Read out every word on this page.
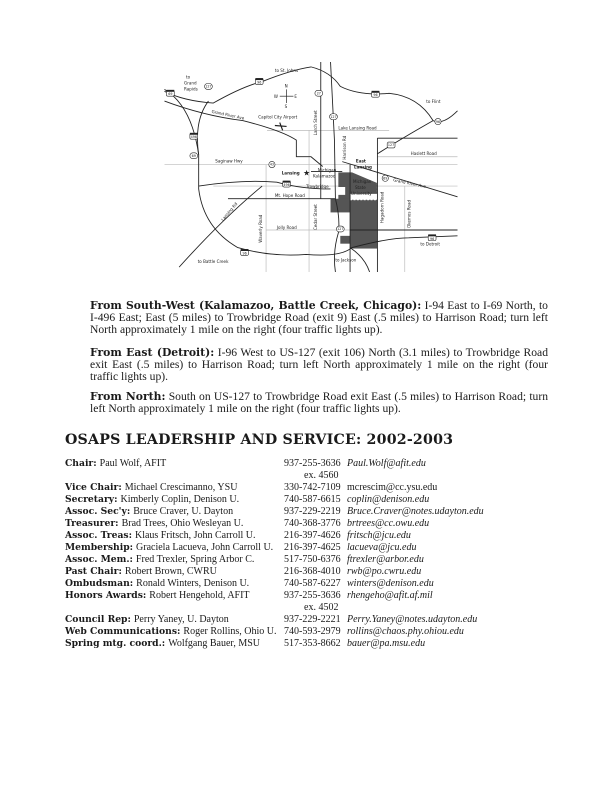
★
to St. Johns
to
Grand
Rapids
N
S
W	E
Capitol City Airport
Grand River Ave
to Flint
Lake Lansing Road
Saginaw Hwy
Haslett Road
East
Lansing
Lansing
Michigan
Kalamazoo
Trowbridge
Michigan
State
University
Grand River Ave
Mt. Hope Road
Jolly Road
Lansing Rd
Waverly Road	Cedar Street
Larch Street
Harrison Rd
Hagadorn Road	Okemos Road
to Detroit
to Battle Creek	to Jackson
69
127
96
27
496
43
69
127
96
96
127
69
496
127
96
96

From South-West (Kalamazoo, Battle Creek, Chicago): I-94 East to I-69 North, to I-496 East; East (5 miles) to Trowbridge Road (exit 9) East (.5 miles) to Harrison Road; turn left North approximately 1 mile on the right (four traffic lights up).

From East (Detroit): I-96 West to US-127 (exit 106) North (3.1 miles) to Trowbridge Road exit East (.5 miles) to Harrison Road; turn left North approximately 1 mile on the right (four traffic lights up).

From North: South on US-127 to Trowbridge Road exit East (.5 miles) to Harrison Road; turn left North approximately 1 mile on the right (four traffic lights up).

OSAPS LEADERSHIP AND SERVICE: 2002-2003
Chair: Paul Wolf, AFIT	937-255-3636 Paul.Wolf@afit.edu
ex. 4560
Vice Chair: Michael Crescimanno, YSU	330-742-7109 mcrescim@cc.ysu.edu
Secretary: Kimberly Coplin, Denison U.	740-587-6615 coplin@denison.edu
Assoc. Sec'y: Bruce Craver, U. Dayton	937-229-2219 Bruce.Craver@notes.udayton.edu
Treasurer: Brad Trees, Ohio Wesleyan U.	740-368-3776 brtrees@cc.owu.edu
Assoc. Treas: Klaus Fritsch, John Carroll U.	216-397-4626 fritsch@jcu.edu
Membership: Graciela Lacueva, John Carroll U. 216-397-4625 lacueva@jcu.edu
Assoc. Mem.: Fred Trexler, Spring Arbor C.	517-750-6376 ftrexler@arbor.edu
Past Chair: Robert Brown, CWRU	216-368-4010 rwb@po.cwru.edu
Ombudsman: Ronald Winters, Denison U.	740-587-6227 winters@denison.edu
Honors Awards: Robert Hengehold, AFIT	937-255-3636 rhengeho@afit.af.mil
ex. 4502
Council Rep: Perry Yaney, U. Dayton	937-229-2221 Perry.Yaney@notes.udayton.edu
Web Communications: Roger Rollins, Ohio U. 740-593-2979 rollins@chaos.phy.ohiou.edu
Spring mtg. coord.: Wolfgang Bauer, MSU 517-353-8662 bauer@pa.msu.edu
